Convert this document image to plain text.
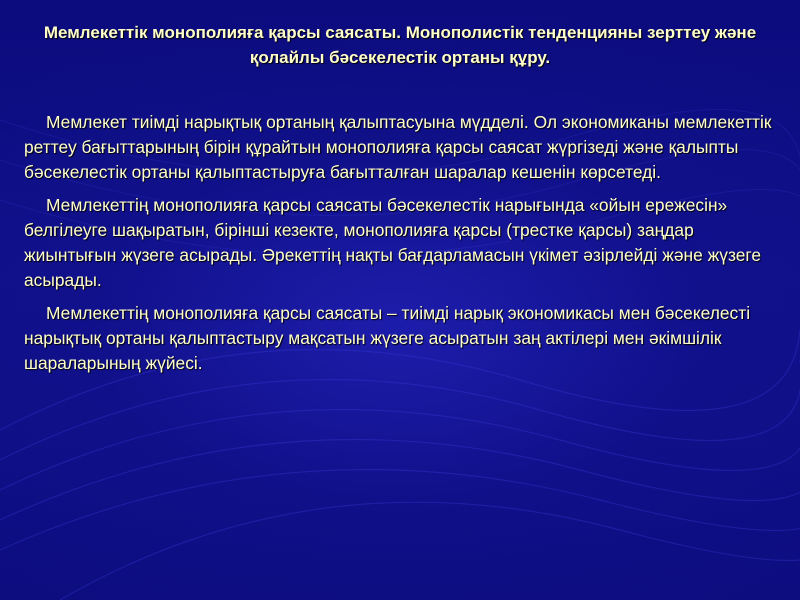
Мемлекеттік монополияға қарсы саясаты. Монополистік тенденцияны зерттеу және қолайлы бәсекелестік ортаны құру.

Мемлекет тиімді нарықтық ортаның қалыптасуына мүдделі. Ол экономиканы мемлекеттік реттеу бағыттарының бірін құрайтын монополияға қарсы саясат жүргізеді және қалыпты бәсекелестік ортаны қалыптастыруға бағытталған шаралар кешенін көрсетеді.

Мемлекеттің монополияға қарсы саясаты бәсекелестік нарығында «ойын ережесін» белгілеуге шақыратын, бірінші кезекте, монополияға қарсы (трестке қарсы) заңдар жиынтығын жүзеге асырады. Әрекеттің нақты бағдарламасын үкімет әзірлейді және жүзеге асырады.

Мемлекеттің монополияға қарсы саясаты – тиімді нарық экономикасы мен бәсекелесті нарықтық ортаны қалыптастыру мақсатын жүзеге асыратын заң актілері мен әкімшілік шараларының жүйесі.
